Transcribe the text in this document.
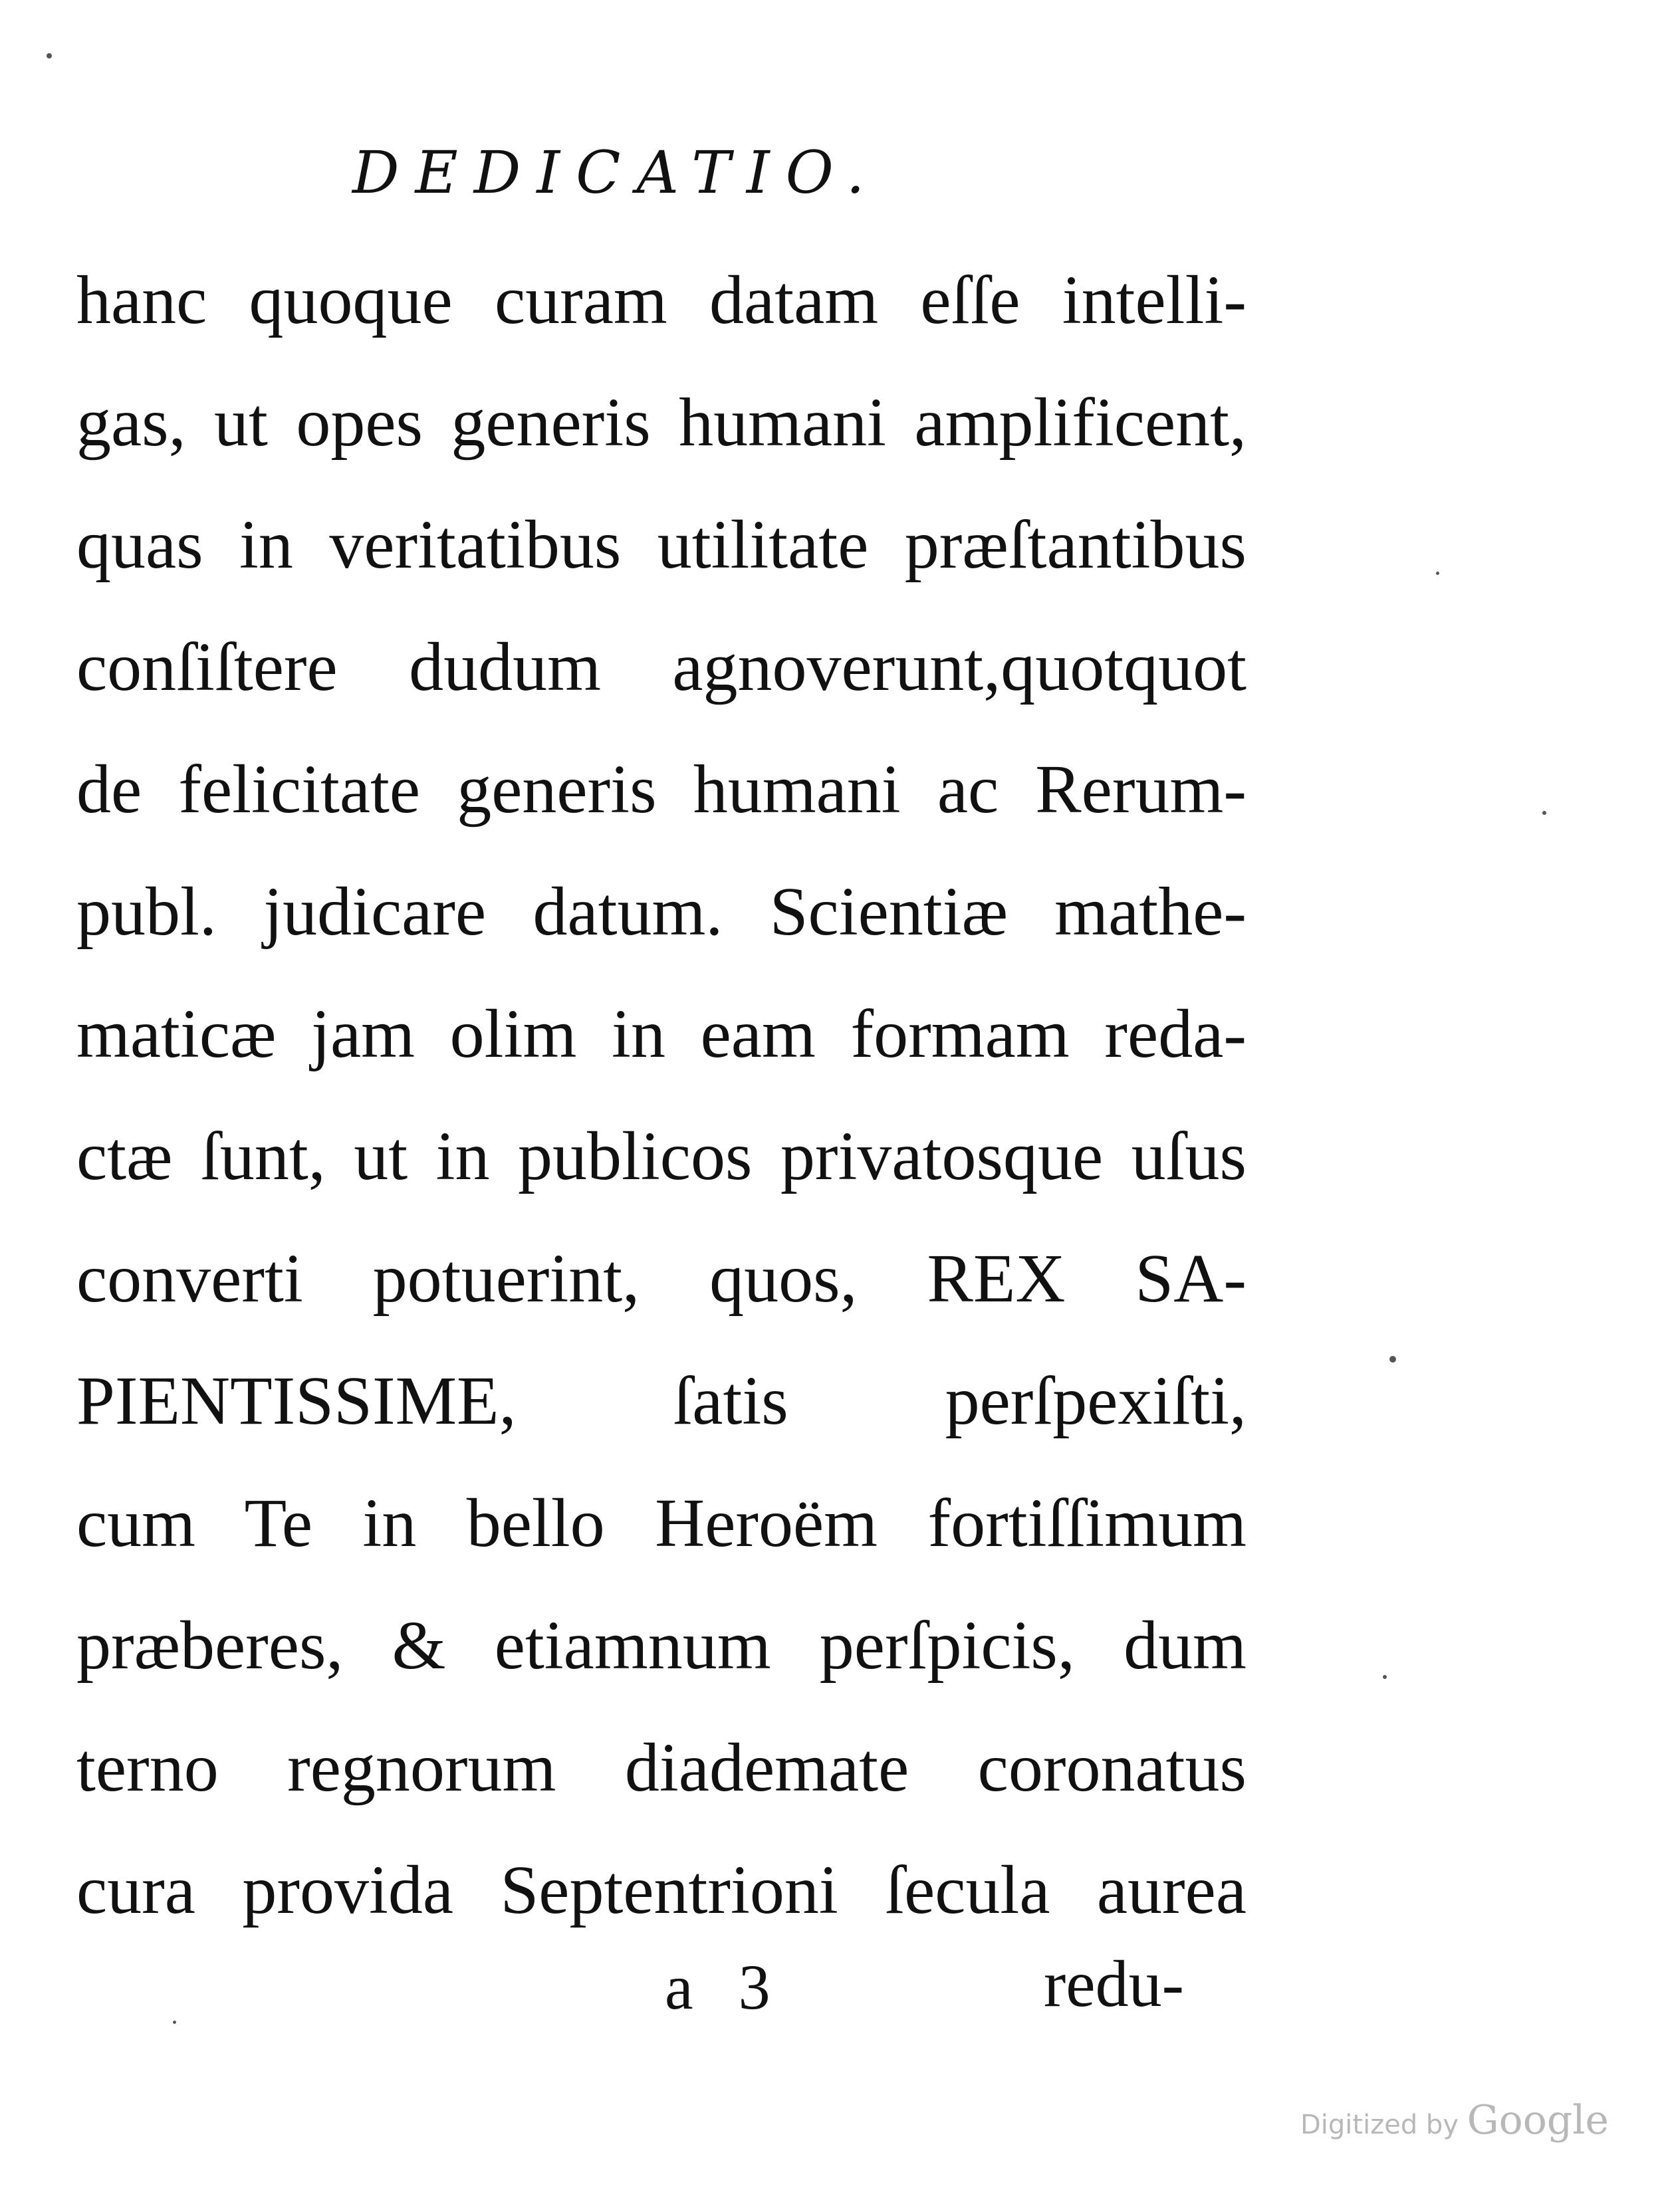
DEDICATIO.
hanc quoque curam datam eſſe intelli-
gas, ut opes generis humani amplificent,
quas in veritatibus utilitate præſtantibus
conſiſtere dudum agnoverunt,quotquot
de felicitate generis humani ac Rerum-
publ. judicare datum. Scientiæ mathe-
maticæ jam olim in eam formam reda-
ctæ ſunt, ut in publicos privatosque uſus
converti potuerint, quos, REX SA-
PIENTISSIME, ſatis perſpexiſti,
cum Te in bello Heroëm fortiſſimum
præberes, & etiamnum perſpicis, dum
terno regnorum diademate coronatus
cura provida Septentrioni ſecula aurea
a 3	redu-
Digitized by Google
